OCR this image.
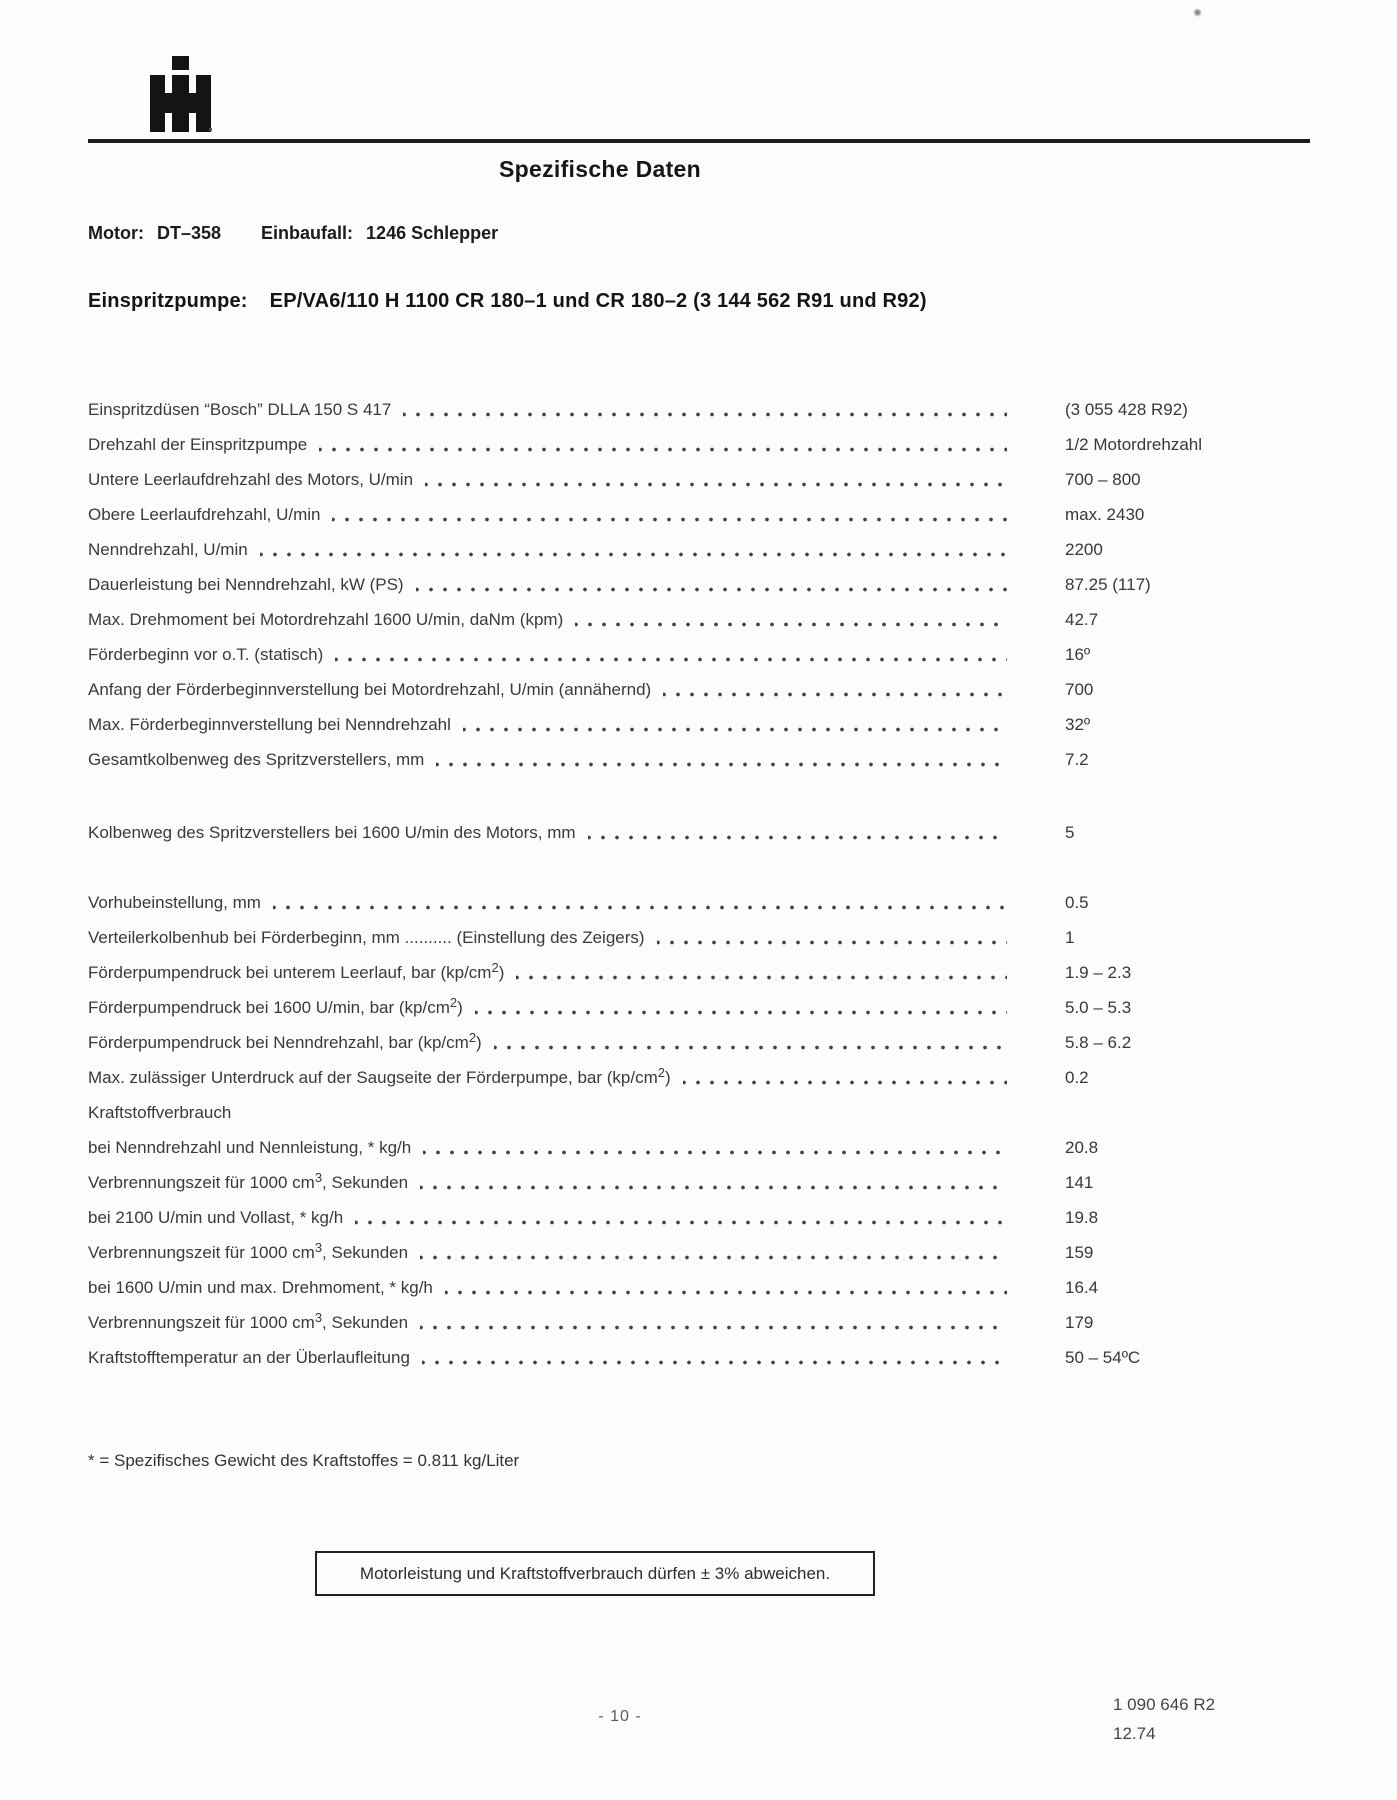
Spezifische Daten
Motor: DT–358 Einbaufall: 1246 Schlepper
Einspritzpumpe: EP/VA6/110 H 1100 CR 180–1 und CR 180–2 (3 144 562 R91 und R92)
Einspritzdüsen “Bosch” DLLA 150 S 417	(3 055 428 R92)
Drehzahl der Einspritzpumpe	1/2 Motordrehzahl
Untere Leerlaufdrehzahl des Motors, U/min	700 – 800
Obere Leerlaufdrehzahl, U/min	max. 2430
Nenndrehzahl, U/min	2200
Dauerleistung bei Nenndrehzahl, kW (PS)	87.25 (117)
Max. Drehmoment bei Motordrehzahl 1600 U/min, daNm (kpm)	42.7
Förderbeginn vor o.T. (statisch)	16º
Anfang der Förderbeginnverstellung bei Motordrehzahl, U/min (annähernd)	700
Max. Förderbeginnverstellung bei Nenndrehzahl	32º
Gesamtkolbenweg des Spritzverstellers, mm	7.2
Kolbenweg des Spritzverstellers bei 1600 U/min des Motors, mm	5
Vorhubeinstellung, mm	0.5
Verteilerkolbenhub bei Förderbeginn, mm .......... (Einstellung des Zeigers)	1
Förderpumpendruck bei unterem Leerlauf, bar $(kp/cm^2)$	1.9 – 2.3
Förderpumpendruck bei 1600 U/min, bar $(kp/cm^2)$	5.0 – 5.3
Förderpumpendruck bei Nenndrehzahl, bar $(kp/cm^2)$	5.8 – 6.2
Max. zulässiger Unterdruck auf der Saugseite der Förderpumpe, bar $(kp/cm^2)$	0.2
Kraftstoffverbrauch
bei Nenndrehzahl und Nennleistung, * kg/h	20.8
Verbrennungszeit für 1000 $cm^3$, Sekunden	141
bei 2100 U/min und Vollast, * kg/h	19.8
Verbrennungszeit für 1000 $cm^3$, Sekunden	159
bei 1600 U/min und max. Drehmoment, * kg/h	16.4
Verbrennungszeit für 1000 $cm^3$, Sekunden	179
Kraftstofftemperatur an der Überlaufleitung	50 – 54ºC
* = Spezifisches Gewicht des Kraftstoffes = 0.811 kg/Liter
Motorleistung und Kraftstoffverbrauch dürfen ± 3% abweichen.
- 10 -
1 090 646 R2
12.74
